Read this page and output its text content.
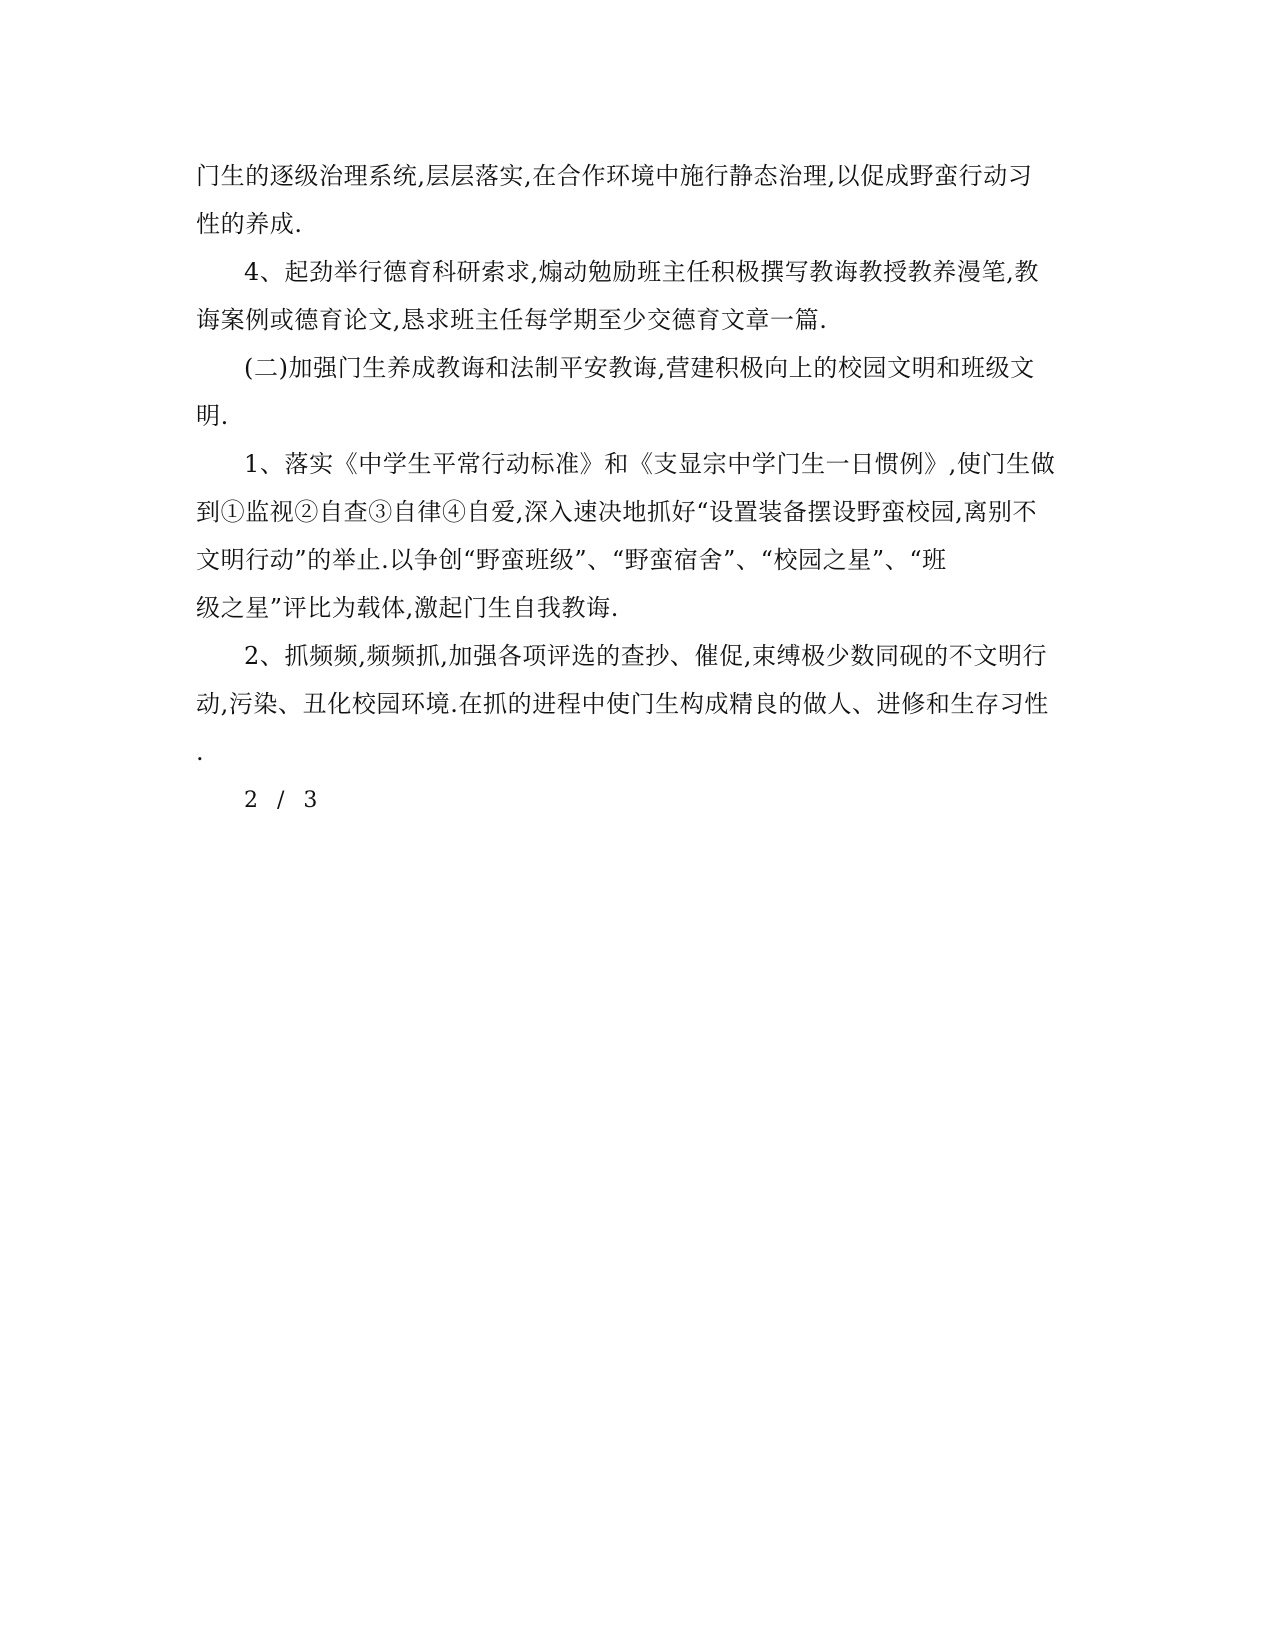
门生的逐级治理系统,层层落实,在合作环境中施行静态治理,以促成野蛮行动习
性的养成.
4、起劲举行德育科研索求,煽动勉励班主任积极撰写教诲教授教养漫笔,教
诲案例或德育论文,恳求班主任每学期至少交德育文章一篇.
(二)加强门生养成教诲和法制平安教诲,营建积极向上的校园文明和班级文
明.
1、落实《中学生平常行动标准》和《支显宗中学门生一日惯例》,使门生做
到①监视②自查③自律④自爱,深入速决地抓好“设置装备摆设野蛮校园,离别不
文明行动”的举止.以争创“野蛮班级”、“野蛮宿舍”、“校园之星”、“班
级之星”评比为载体,激起门生自我教诲.
2、抓频频,频频抓,加强各项评选的查抄、催促,束缚极少数同砚的不文明行
动,污染、丑化校园环境.在抓的进程中使门生构成精良的做人、进修和生存习性
.
2 / 3
